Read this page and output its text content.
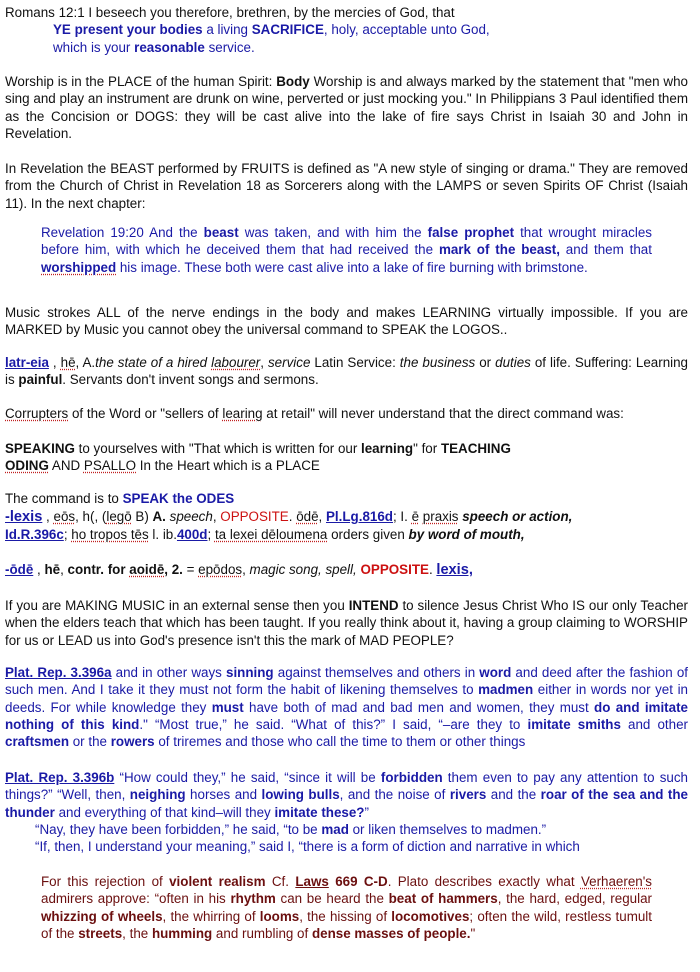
Romans 12:1 I beseech you therefore, brethren, by the mercies of God, that
YE present your bodies a living SACRIFICE, holy, acceptable unto God,
which is your reasonable service.

Worship is in the PLACE of the human Spirit: Body Worship is and always marked by the statement that "men who sing and play an instrument are drunk on wine, perverted or just mocking you." In Philippians 3 Paul identified them as the Concision or DOGS: they will be cast alive into the lake of fire says Christ in Isaiah 30 and John in Revelation.

In Revelation the BEAST performed by FRUITS is defined as "A new style of singing or drama." They are removed from the Church of Christ in Revelation 18 as Sorcerers along with the LAMPS or seven Spirits OF Christ (Isaiah 11). In the next chapter:

Revelation 19:20 And the beast was taken, and with him the false prophet that wrought miracles before him, with which he deceived them that had received the mark of the beast, and them that worshipped his image. These both were cast alive into a lake of fire burning with brimstone.

Music strokes ALL of the nerve endings in the body and makes LEARNING virtually impossible. If you are MARKED by Music you cannot obey the universal command to SPEAK the LOGOS..

latr-eia , hē, A.the state of a hired labourer, service Latin Service: the business or duties of life. Suffering: Learning is painful. Servants don't invent songs and sermons.

Corrupters of the Word or "sellers of learing at retail" will never understand that the direct command was:

SPEAKING to yourselves with "That which is written for our learning" for TEACHING
ODING AND PSALLO In the Heart which is a PLACE

The command is to SPEAK the ODES

-lexis , eōs, h(, (legō B) A. speech, OPPOSITE. ōdē, Pl.Lg.816d; I. ē praxis speech or action,
Id.R.396c; ho tropos tēs l. ib.400d; ta lexei dēloumena orders given by word of mouth,

-ōdē , hē, contr. for aoidē, 2. = epōdos, magic song, spell, OPPOSITE. lexis,

If you are MAKING MUSIC in an external sense then you INTEND to silence Jesus Christ Who IS our only Teacher when the elders teach that which has been taught. If you really think about it, having a group claiming to WORSHIP for us or LEAD us into God's presence isn't this the mark of MAD PEOPLE?

Plat. Rep. 3.396a and in other ways sinning against themselves and others in word and deed after the fashion of such men. And I take it they must not form the habit of likening themselves to madmen either in words nor yet in deeds. For while knowledge they must have both of mad and bad men and women, they must do and imitate nothing of this kind." “Most true,” he said. “What of this?” I said, “–are they to imitate smiths and other craftsmen or the rowers of triremes and those who call the time to them or other things

Plat. Rep. 3.396b “How could they,” he said, “since it will be forbidden them even to pay any attention to such things?” “Well, then, neighing horses and lowing bulls, and the noise of rivers and the roar of the sea and the thunder and everything of that kind–will they imitate these?”

“Nay, they have been forbidden,” he said, “to be mad or liken themselves to madmen.”

“If, then, I understand your meaning,” said I, “there is a form of diction and narrative in which

For this rejection of violent realism Cf. Laws 669 C-D. Plato describes exactly what Verhaeren's admirers approve: “often in his rhythm can be heard the beat of hammers, the hard, edged, regular whizzing of wheels, the whirring of looms, the hissing of locomotives; often the wild, restless tumult of the streets, the humming and rumbling of dense masses of people."
